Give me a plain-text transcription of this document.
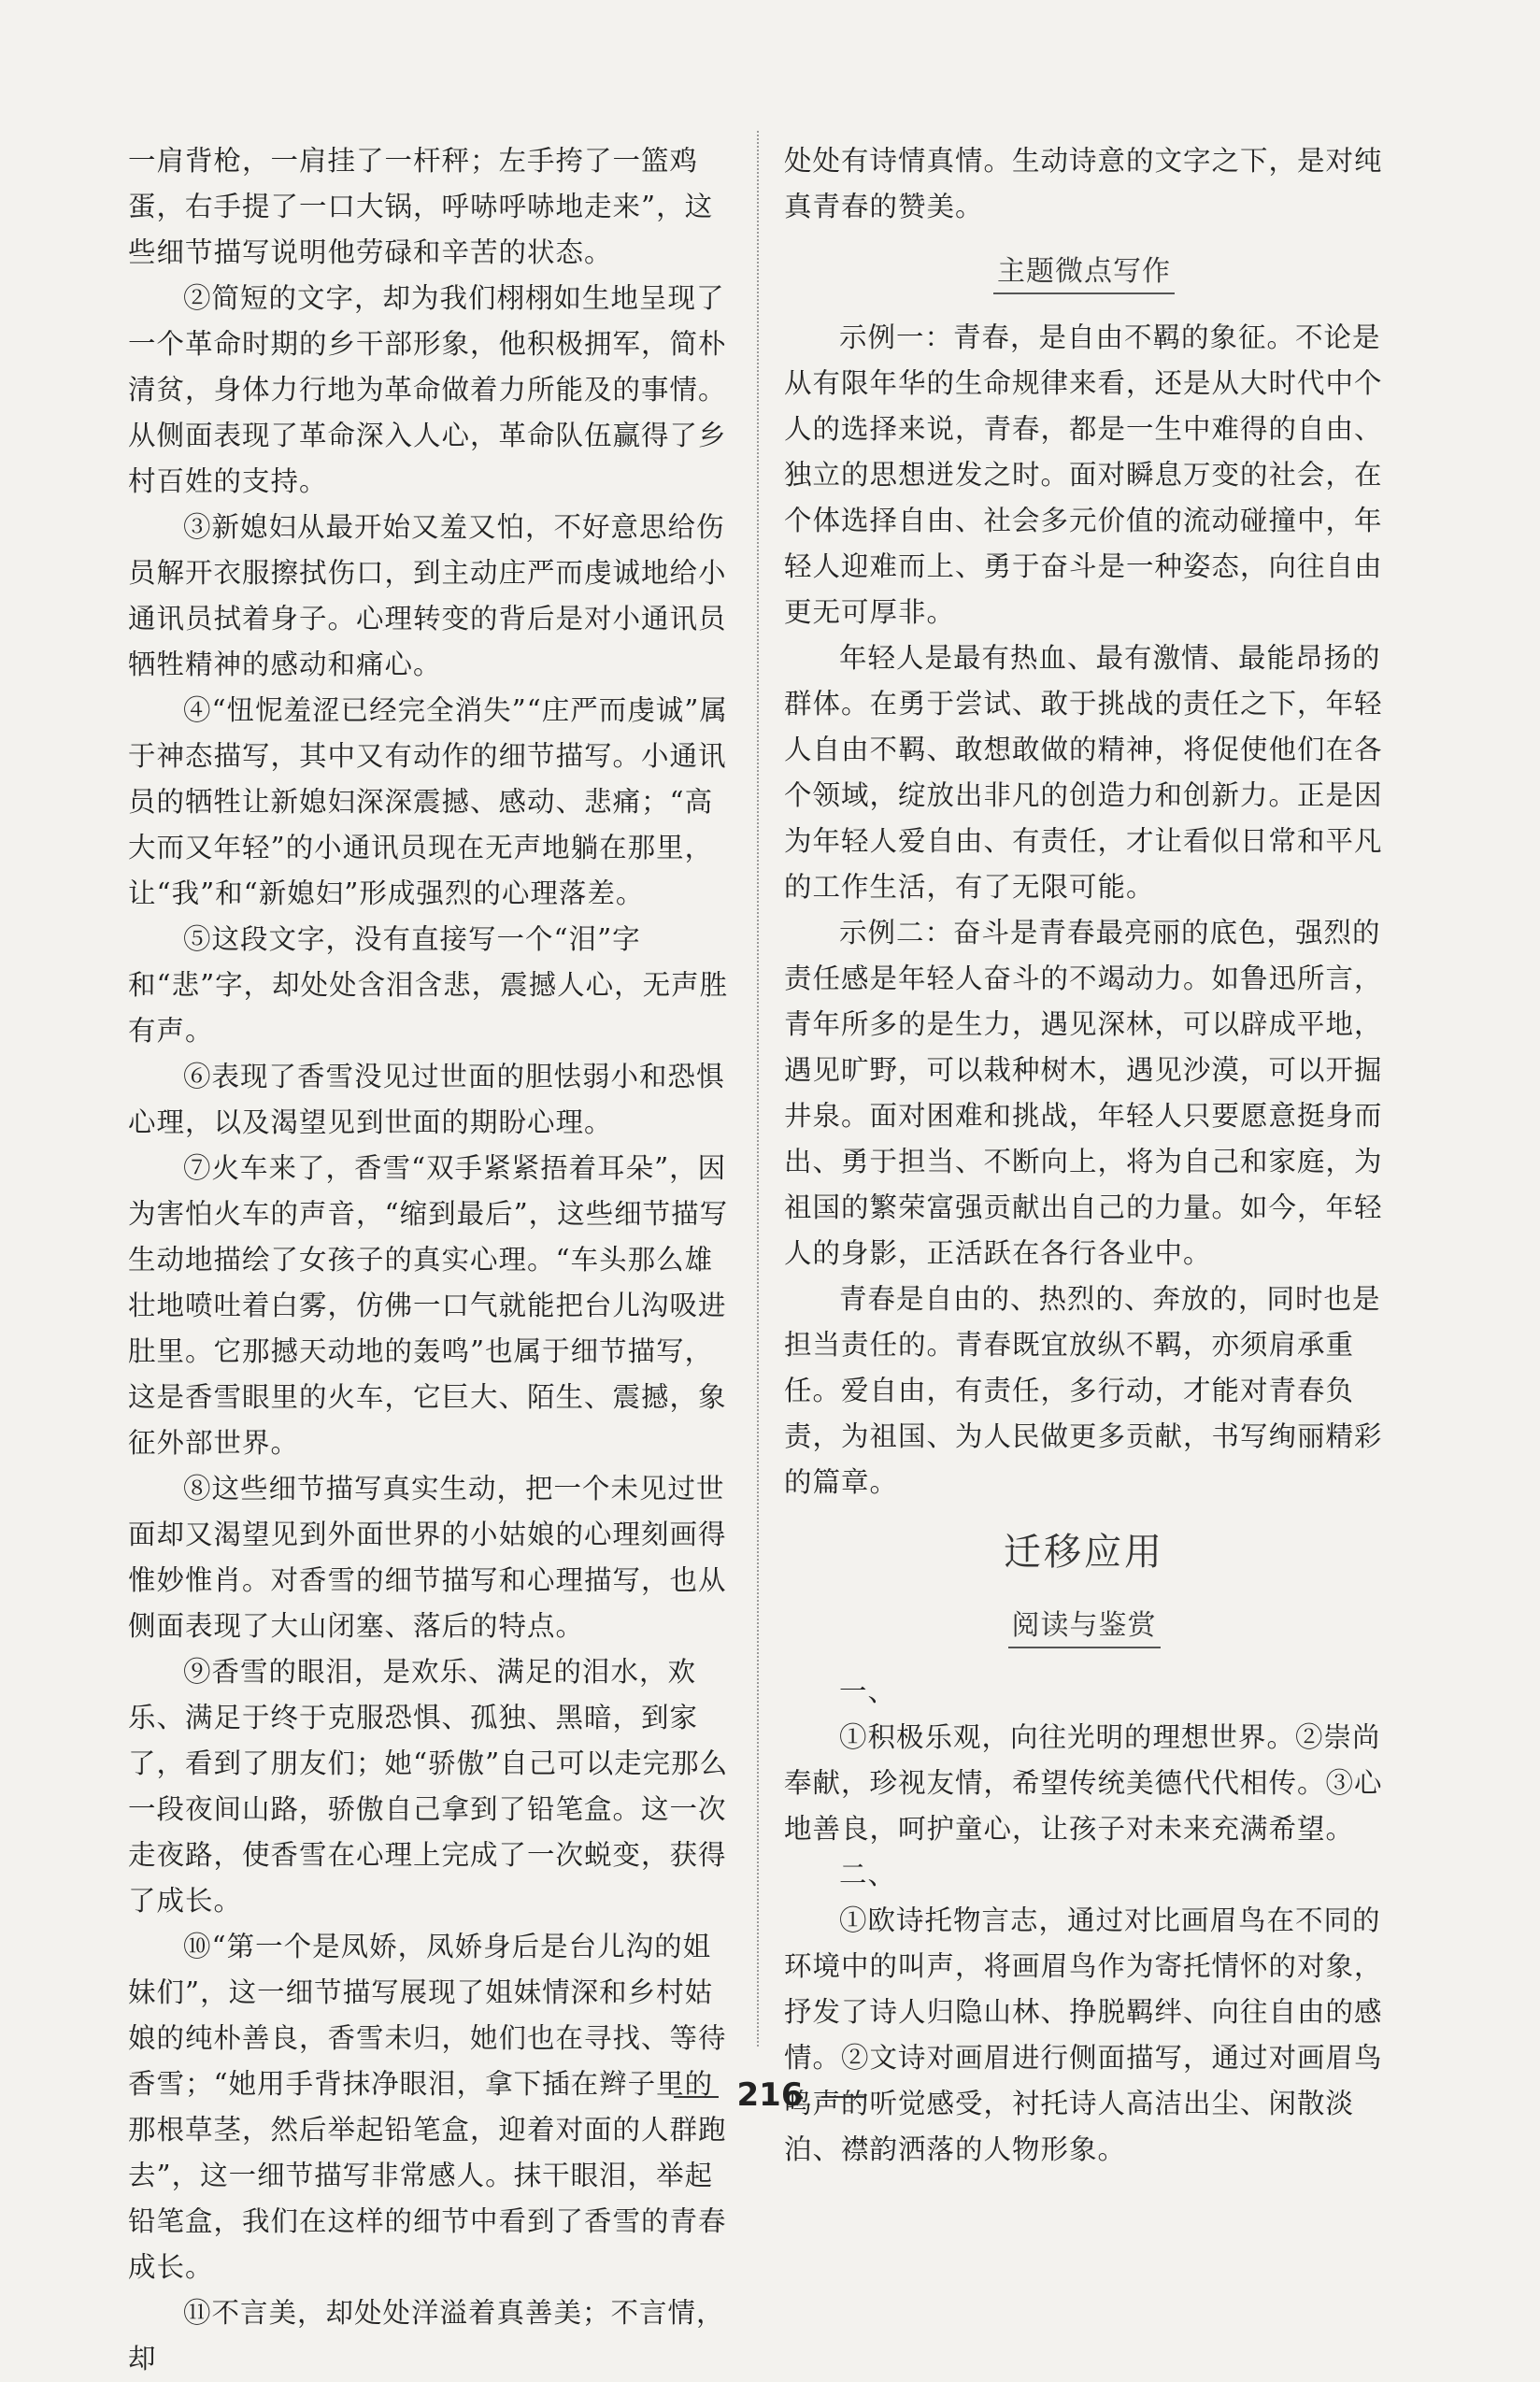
一肩背枪，一肩挂了一杆秤；左手挎了一篮鸡蛋，右手提了一口大锅，呼哧呼哧地走来”，这些细节描写说明他劳碌和辛苦的状态。

②简短的文字，却为我们栩栩如生地呈现了一个革命时期的乡干部形象，他积极拥军，简朴清贫，身体力行地为革命做着力所能及的事情。从侧面表现了革命深入人心，革命队伍赢得了乡村百姓的支持。

③新媳妇从最开始又羞又怕，不好意思给伤员解开衣服擦拭伤口，到主动庄严而虔诚地给小通讯员拭着身子。心理转变的背后是对小通讯员牺牲精神的感动和痛心。

④“忸怩羞涩已经完全消失”“庄严而虔诚”属于神态描写，其中又有动作的细节描写。小通讯员的牺牲让新媳妇深深震撼、感动、悲痛；“高大而又年轻”的小通讯员现在无声地躺在那里，让“我”和“新媳妇”形成强烈的心理落差。

⑤这段文字，没有直接写一个“泪”字和“悲”字，却处处含泪含悲，震撼人心，无声胜有声。

⑥表现了香雪没见过世面的胆怯弱小和恐惧心理，以及渴望见到世面的期盼心理。

⑦火车来了，香雪“双手紧紧捂着耳朵”，因为害怕火车的声音，“缩到最后”，这些细节描写生动地描绘了女孩子的真实心理。“车头那么雄壮地喷吐着白雾，仿佛一口气就能把台儿沟吸进肚里。它那撼天动地的轰鸣”也属于细节描写，这是香雪眼里的火车，它巨大、陌生、震撼，象征外部世界。

⑧这些细节描写真实生动，把一个未见过世面却又渴望见到外面世界的小姑娘的心理刻画得惟妙惟肖。对香雪的细节描写和心理描写，也从侧面表现了大山闭塞、落后的特点。

⑨香雪的眼泪，是欢乐、满足的泪水，欢乐、满足于终于克服恐惧、孤独、黑暗，到家了，看到了朋友们；她“骄傲”自己可以走完那么一段夜间山路，骄傲自己拿到了铅笔盒。这一次走夜路，使香雪在心理上完成了一次蜕变，获得了成长。

⑩“第一个是凤娇，凤娇身后是台儿沟的姐妹们”，这一细节描写展现了姐妹情深和乡村姑娘的纯朴善良，香雪未归，她们也在寻找、等待香雪；“她用手背抹净眼泪，拿下插在辫子里的那根草茎，然后举起铅笔盒，迎着对面的人群跑去”，这一细节描写非常感人。抹干眼泪，举起铅笔盒，我们在这样的细节中看到了香雪的青春成长。

⑪不言美，却处处洋溢着真善美；不言情，却

处处有诗情真情。生动诗意的文字之下，是对纯真青春的赞美。

主题微点写作

示例一：青春，是自由不羁的象征。不论是从有限年华的生命规律来看，还是从大时代中个人的选择来说，青春，都是一生中难得的自由、独立的思想迸发之时。面对瞬息万变的社会，在个体选择自由、社会多元价值的流动碰撞中，年轻人迎难而上、勇于奋斗是一种姿态，向往自由更无可厚非。

年轻人是最有热血、最有激情、最能昂扬的群体。在勇于尝试、敢于挑战的责任之下，年轻人自由不羁、敢想敢做的精神，将促使他们在各个领域，绽放出非凡的创造力和创新力。正是因为年轻人爱自由、有责任，才让看似日常和平凡的工作生活，有了无限可能。

示例二：奋斗是青春最亮丽的底色，强烈的责任感是年轻人奋斗的不竭动力。如鲁迅所言，青年所多的是生力，遇见深林，可以辟成平地，遇见旷野，可以栽种树木，遇见沙漠，可以开掘井泉。面对困难和挑战，年轻人只要愿意挺身而出、勇于担当、不断向上，将为自己和家庭，为祖国的繁荣富强贡献出自己的力量。如今，年轻人的身影，正活跃在各行各业中。

青春是自由的、热烈的、奔放的，同时也是担当责任的。青春既宜放纵不羁，亦须肩承重任。爱自由，有责任，多行动，才能对青春负责，为祖国、为人民做更多贡献，书写绚丽精彩的篇章。

迁移应用
阅读与鉴赏

一、

①积极乐观，向往光明的理想世界。②崇尚奉献，珍视友情，希望传统美德代代相传。③心地善良，呵护童心，让孩子对未来充满希望。

二、

①欧诗托物言志，通过对比画眉鸟在不同的环境中的叫声，将画眉鸟作为寄托情怀的对象，抒发了诗人归隐山林、挣脱羁绊、向往自由的感情。②文诗对画眉进行侧面描写，通过对画眉鸟鸣声的听觉感受，衬托诗人高洁出尘、闲散淡泊、襟韵洒落的人物形象。

216
